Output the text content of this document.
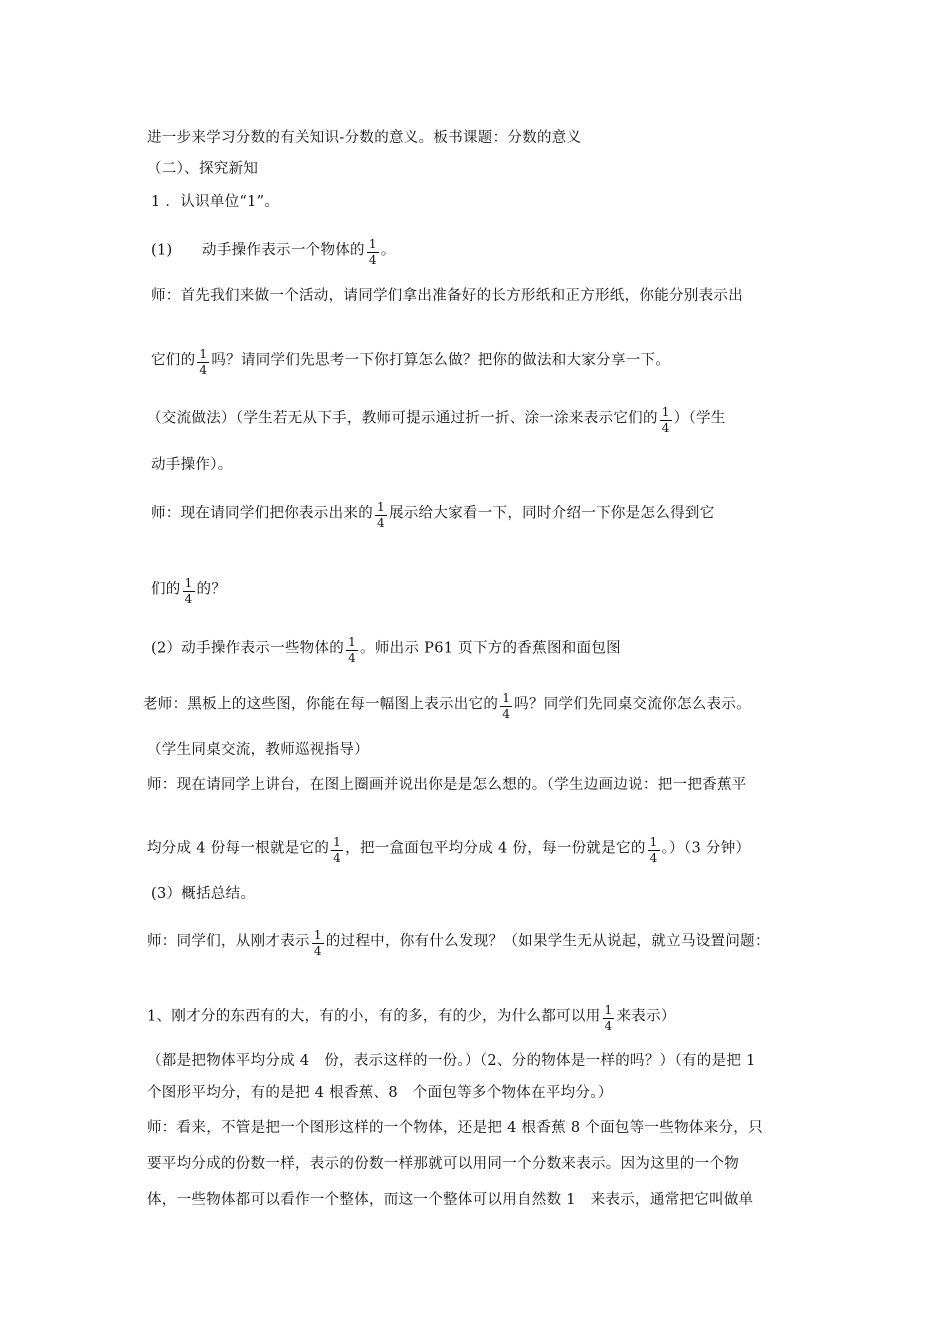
进一步来学习分数的有关知识-分数的意义。板书课题：分数的意义
（二）、探究新知
1 ．认识单位“1”。
(1)　　动手操作表示一个物体的 $\frac{1}{4}$ 。
师：首先我们来做一个活动，请同学们拿出准备好的长方形纸和正方形纸，你能分别表示出
它们的 $\frac{1}{4}$ 吗？请同学们先思考一下你打算怎么做？把你的做法和大家分享一下。
（交流做法）（学生若无从下手，教师可提示通过折一折、涂一涂来表示它们的 $\frac{1}{4}$ ）（学生
动手操作）。
师：现在请同学们把你表示出来的 $\frac{1}{4}$ 展示给大家看一下，同时介绍一下你是怎么得到它
们的 $\frac{1}{4}$ 的？
(2）动手操作表示一些物体的 $\frac{1}{4}$ 。师出示 P61 页下方的香蕉图和面包图
老师：黑板上的这些图，你能在每一幅图上表示出它的 $\frac{1}{4}$ 吗？同学们先同桌交流你怎么表示。
（学生同桌交流，教师巡视指导）
师：现在请同学上讲台，在图上圈画并说出你是是怎么想的。（学生边画边说：把一把香蕉平
均分成 4 份每一根就是它的 $\frac{1}{4}$ ，把一盒面包平均分成 4 份，每一份就是它的 $\frac{1}{4}$ 。）（3 分钟）
(3）概括总结。
师：同学们，从刚才表示 $\frac{1}{4}$ 的过程中，你有什么发现？（如果学生无从说起，就立马设置问题：
1、刚才分的东西有的大，有的小，有的多，有的少，为什么都可以用 $\frac{1}{4}$ 来表示）
（都是把物体平均分成 4　份，表示这样的一份。）（2、分的物体是一样的吗？）（有的是把 1
个图形平均分，有的是把 4 根香蕉、8　个面包等多个物体在平均分。）
师：看来，不管是把一个图形这样的一个物体，还是把 4 根香蕉 8 个面包等一些物体来分，只
要平均分成的份数一样，表示的份数一样那就可以用同一个分数来表示。因为这里的一个物
体，一些物体都可以看作一个整体，而这一个整体可以用自然数 1　来表示，通常把它叫做单
